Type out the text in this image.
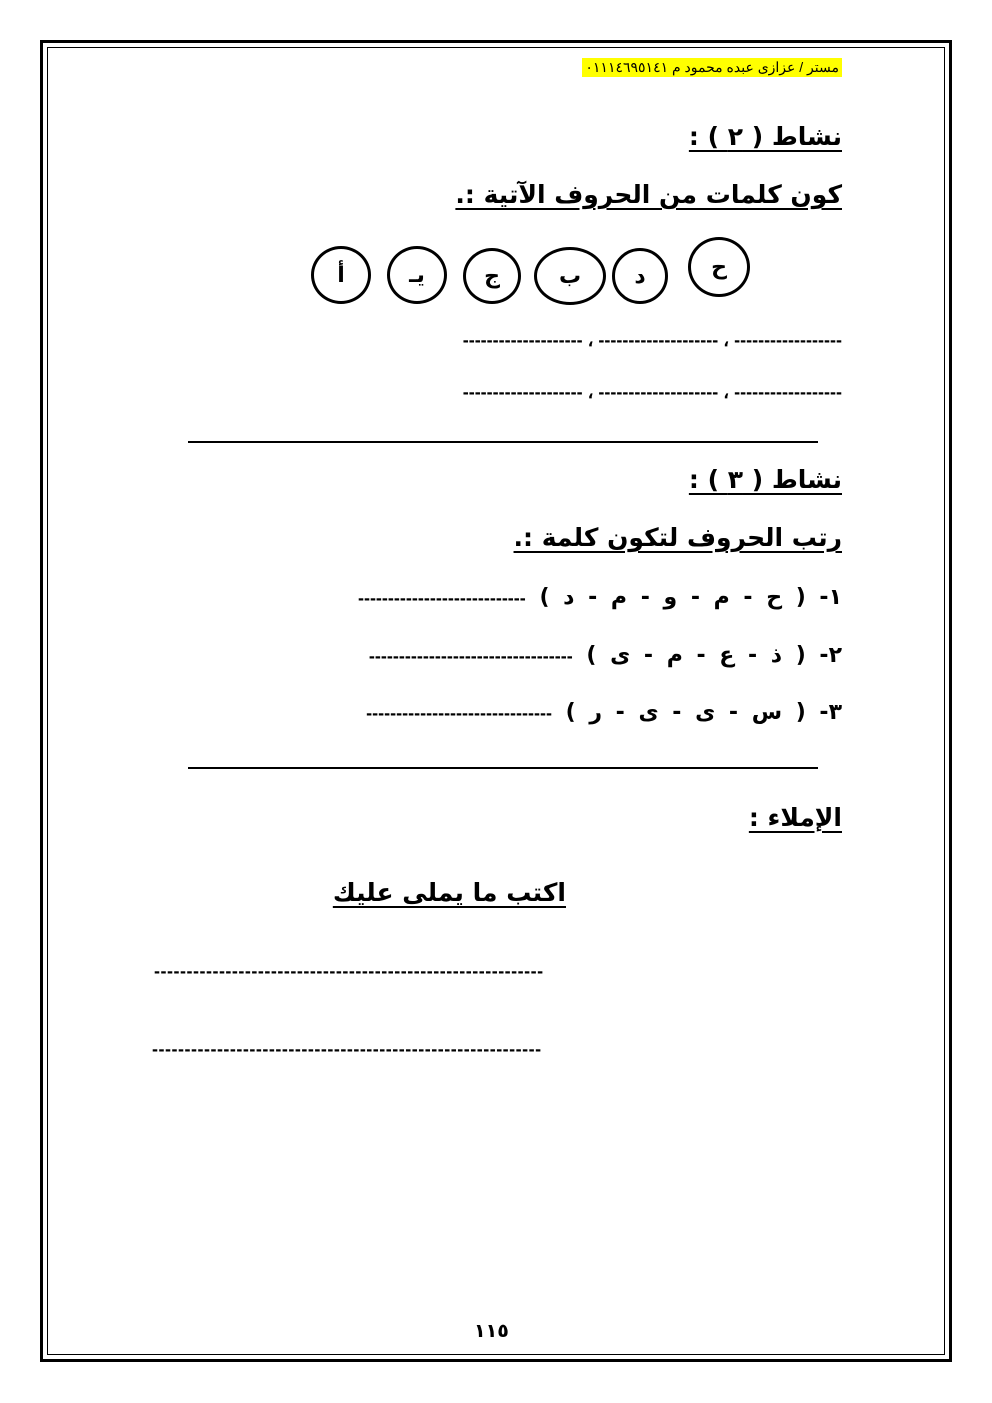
مستر / عزازى عبده محمود م ٠١١١٤٦٩٥١٤١
نشاط ( ٢ ) :
كون كلمات من الحروف الآتية :.
ح
د
ب
ج
يـ
أ
------------------ ، -------------------- ، --------------------
------------------ ، -------------------- ، --------------------
نشاط ( ٣ ) :
رتب الحروف لتكون كلمة :.
١- ( ح - م - و - م - د ) ----------------------------
٢- ( ذ - ع - م - ى ) ----------------------------------
٣- ( س - ى - ى - ر ) -------------------------------
الإملاء :
اكتب ما يملى عليك
------------------------------------------------------------
------------------------------------------------------------
١١٥
